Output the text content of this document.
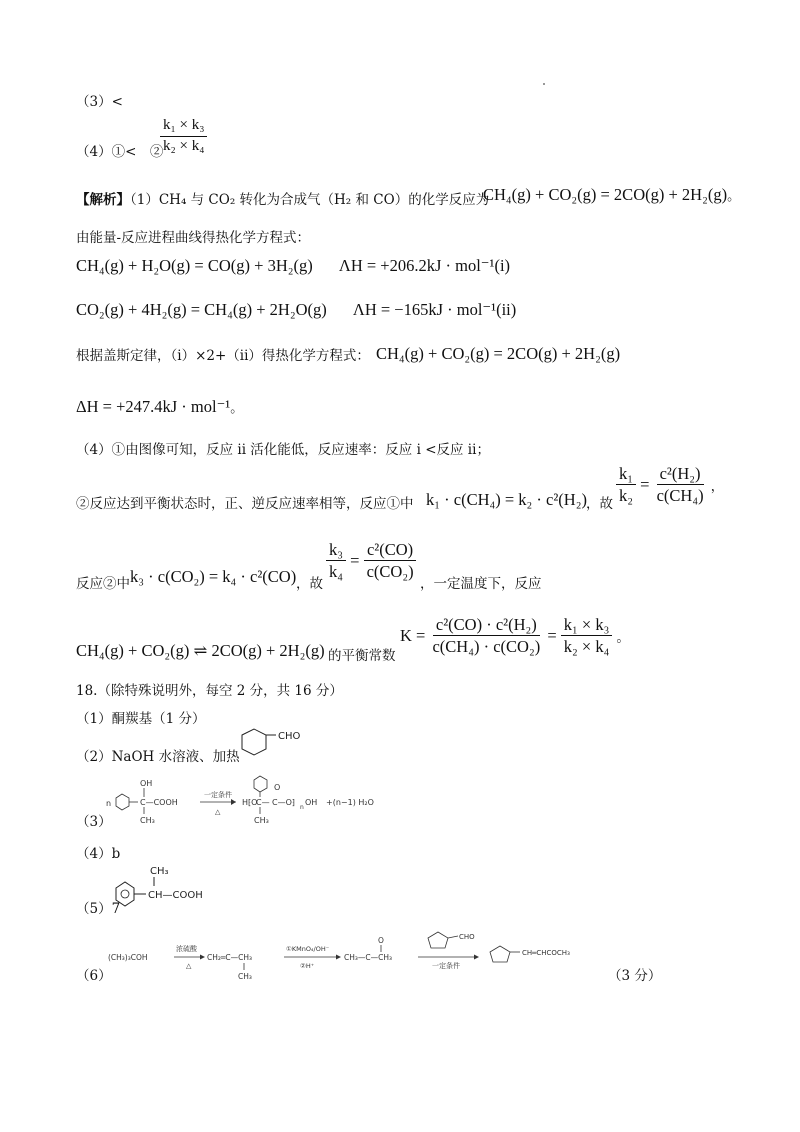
（3）<
（4）①<　②
$\frac{\text{k₁ × k₃}}{\text{k₂ × k₄}}$
【解析】（1）CH₄ 与 CO₂ 转化为合成气（H₂ 和 CO）的化学反应为
CH₄(g) + CO₂(g) = 2CO(g) + 2H₂(g)。
由能量-反应进程曲线得热化学方程式：
CH₄(g) + H₂O(g) = CO(g) + 3H₂(g) ΛH = +206.2kJ · mol⁻¹(i)
CO₂(g) + 4H₂(g) = CH₄(g) + 2H₂O(g) ΛH = −165kJ · mol⁻¹(ii)
根据盖斯定律，（i）×2+（ii）得热化学方程式： CH₄(g) + CO₂(g) = 2CO(g) + 2H₂(g)
ΔH = +247.4kJ · mol⁻¹。
（4）①由图像可知，反应 ii 活化能低，反应速率：反应 i <反应 ii；
②反应达到平衡状态时，正、逆反应速率相等，反应①中 k₁ · c(CH₄) = k₂ · c²(H₂) ，故 $\frac{\text{k₁}}{\text{k₂}} = \frac{\text{c²(H₂)}}{\text{c(CH₄)}}$ ，
反应②中 k₃ · c(CO₂) = k₄ · c²(CO) ，故
$\frac{\text{k₃}}{\text{k₄}} = \frac{\text{c²(CO)}}{\text{c(CO₂)}}$
，一定温度下，反应
CH₄(g) + CO₂(g) ⇌ 2CO(g) + 2H₂(g) 的平衡常数
$K = \frac{\text{c²(CO) · c²(H₂)}}{\text{c(CH₄) · c(CO₂)}} = \frac{\text{k₁ × k₃}}{\text{k₂ × k₄}}$ 。
18.（除特殊说明外，每空 2 分，共 16 分）
（1）酮羰基（1 分）
（2）NaOH 水溶液、加热
CHO
（3）
n
OH
C—COOH
CH₃
一定条件
△
H⁅O
C—
O
C—O⁆
n
OH
CH₃
+(n−1) H₂O
（4）b
（5）7
CH₃
CH—COOH
（6）
(CH₃)₃COH
浓硫酸
△
CH₂═C—CH₃
CH₃
①KMnO₄/OH⁻
②H⁺
CH₃—C—CH₃
O
一定条件
CHO
CH═CHCOCH₃
（3 分）
